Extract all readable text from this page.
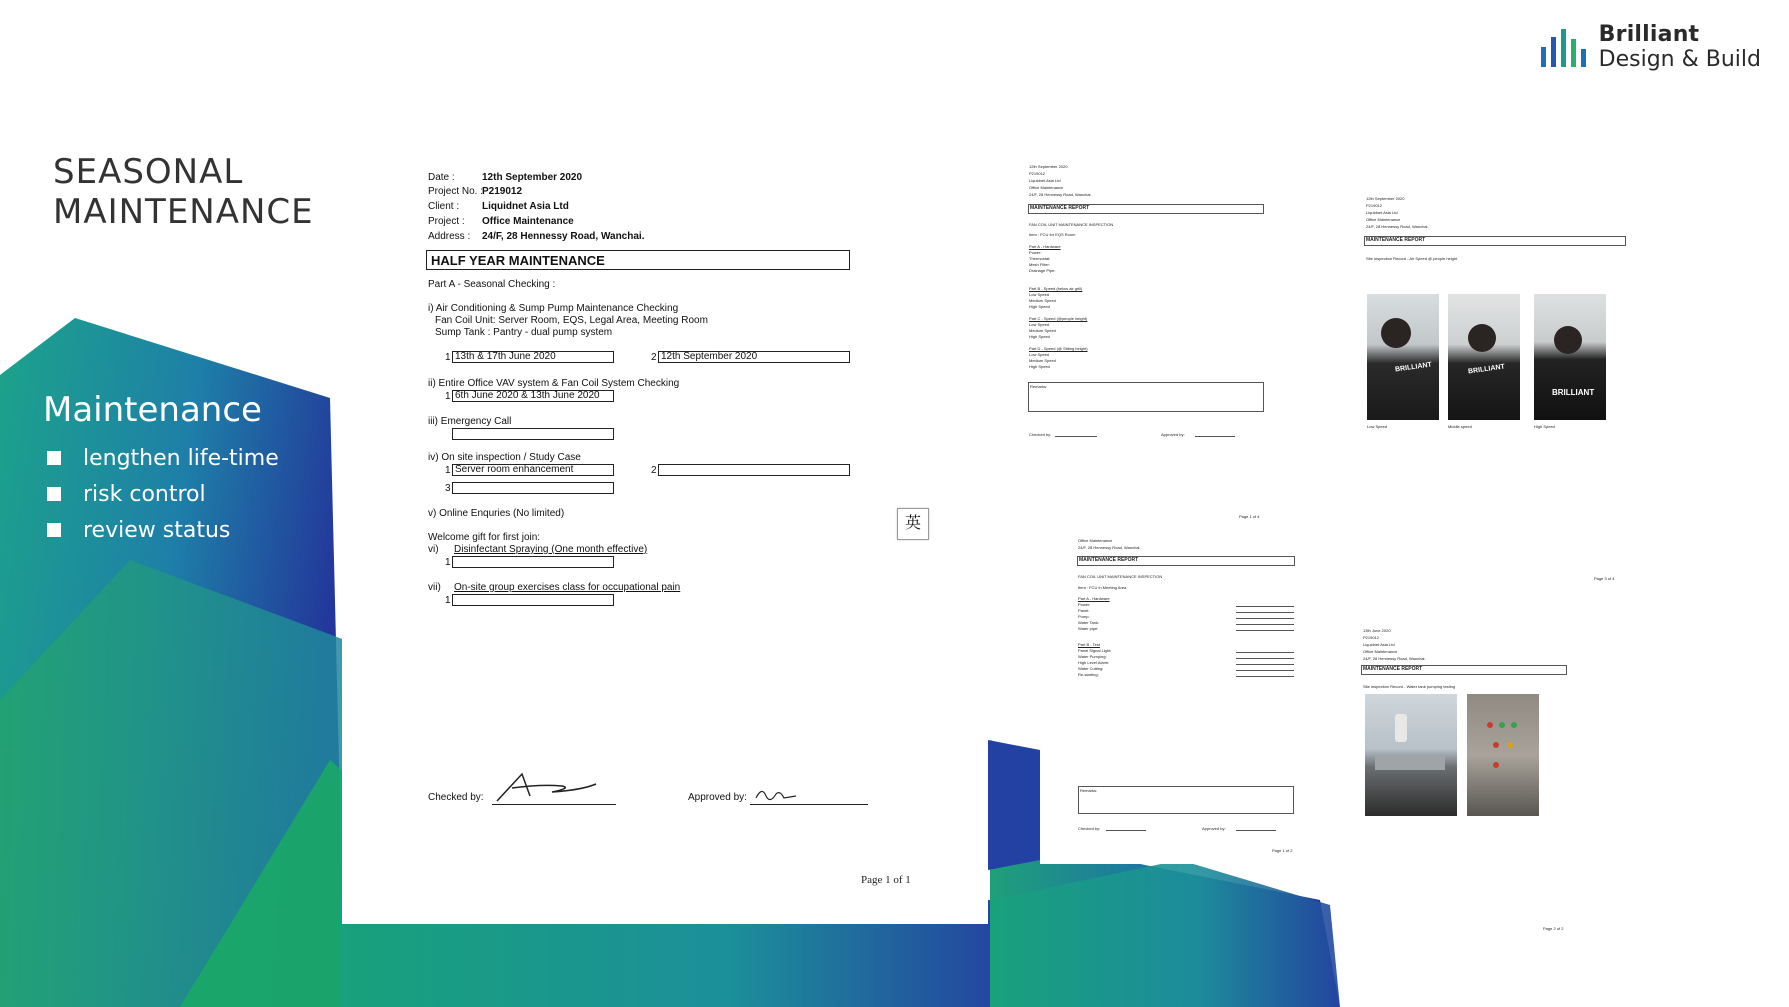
Brilliant
Design & Build
SEASONAL
MAINTENANCE
Maintenance
lengthen life-time
risk control
review status
Date :	12th September 2020
Project No. :
P219012
Client : Liquidnet Asia Ltd
Project : Office Maintenance
Address : 24/F, 28 Hennessy Road, Wanchai.
HALF YEAR MAINTENANCE
Part A - Seasonal Checking :
i) Air Conditioning & Sump Pump Maintenance Checking
Fan Coil Unit: Server Room, EQS, Legal Area, Meeting Room
Sump Tank : Pantry - dual pump system
1 13th & 17th June 2020	2 12th September 2020
ii) Entire Office VAV system & Fan Coil System Checking
1 6th June 2020 & 13th June 2020
iii) Emergency Call
iv) On site inspection / Study Case
1 Server room enhancement	2
3
v) Online Enquries (No limited)
Welcome gift for first join:
vi) Disinfectant Spraying (One month effective)
1
vii) On-site group exercises class for occupational pain
1
Checked by:	Approved by:
Page 1 of 1
英
12th September 2020
P219012
Liquidnet Asia Ltd
Office Maintenance
24/F, 28 Hennessy Road, Wanchai.
MAINTENANCE REPORT
FAN COIL UNIT MAINTENANCE INSPECTION
Item : FCU for EQS Room
Part A - Hardware
Power:
Thermostat:
Mesh Filter:
Drainage Pipe:
Part B - Speed (below air grill)
Low Speed
Medium Speed
High Speed
Part C - Speed (@people height)
Low Speed
Medium Speed
High Speed
Part D - Speed (@ Sitting height)
Low Speed
Medium Speed
High Speed
Remarks:
Checked by:	Approved by:
Page 1 of 4
12th September 2020
P219012
Liquidnet Asia Ltd
Office Maintenance
24/F, 28 Hennessy Road, Wanchai.
MAINTENANCE REPORT
Site inspection Record - Air Speed @ people height
BRILLIANT	BRILLIANT
BRILLIANT
Low Speed	Middle speed	High Speed
Page 3 of 4
Office Maintenance
24/F, 28 Hennessy Road, Wanchai.
MAINTENANCE REPORT
FAN COIL UNIT MAINTENANCE INSPECTION
Item : FCU in Meeting Area
Part A - Hardware
Power:
Panel:
Pump:
Water Tank:
Water pipe:
Part B - Test
Panel Signal Light:
Water Pumping:
High Level Alarm:
Water Cutting:
Re-starting:
Remarks:
Checked by:	Approved by:
Page 1 of 2
13th June 2020
P219012
Liquidnet Asia Ltd
Office Maintenance
24/F, 28 Hennessy Road, Wanchai.
MAINTENANCE REPORT
Site inspection Record - Water tank pumping testing
Page 2 of 2
